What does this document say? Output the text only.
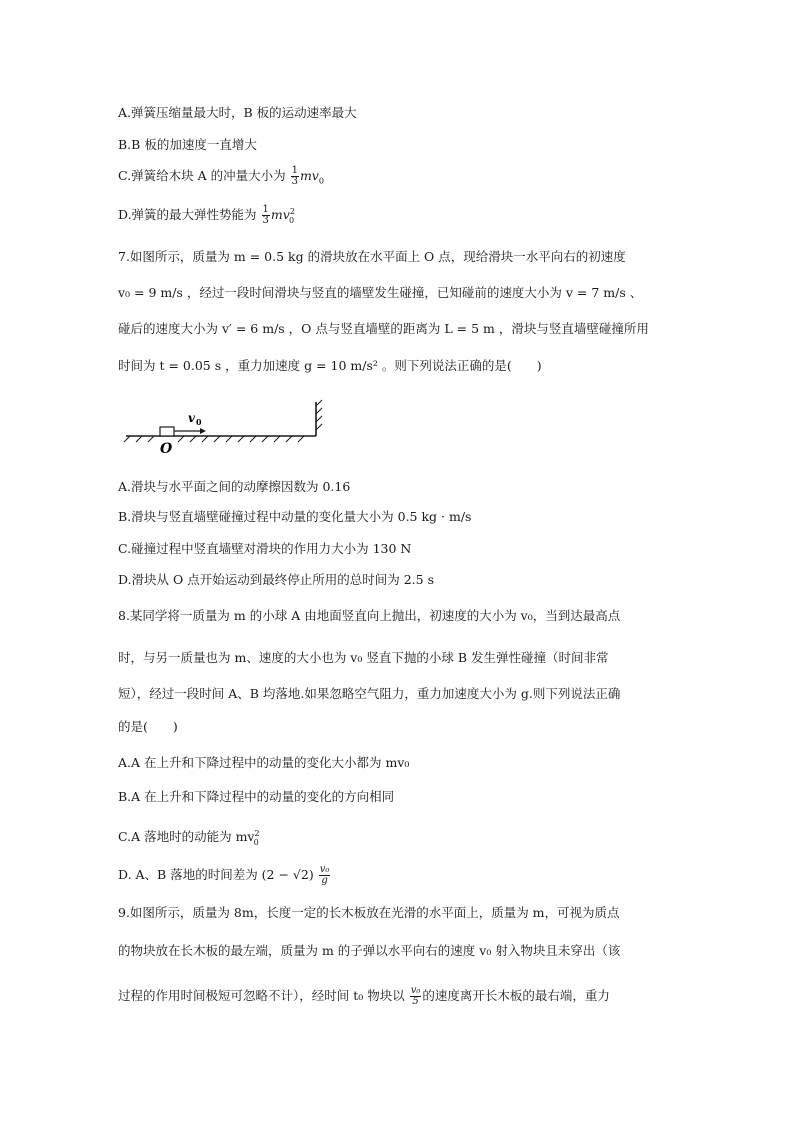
A.弹簧压缩量最大时，B 板的运动速率最大
B.B 板的加速度一直增大
C.弹簧给木块 A 的冲量大小为 $\frac{1}{3} mv_0$
D.弹簧的最大弹性势能为 $\frac{1}{3} mv^2_0$
7.如图所示，质量为 m = 0.5 kg 的滑块放在水平面上 O 点，现给滑块一水平向右的初速度
v₀ = 9 m/s ，经过一段时间滑块与竖直的墙壁发生碰撞，已知碰前的速度大小为 v = 7 m/s 、
碰后的速度大小为 v′ = 6 m/s ，O 点与竖直墙壁的距离为 L = 5 m ，滑块与竖直墙壁碰撞所用
时间为 t = 0.05 s ，重力加速度 g = 10 m/s² 。则下列说法正确的是(　　)
v 0
O
A.滑块与水平面之间的动摩擦因数为 0.16
B.滑块与竖直墙壁碰撞过程中动量的变化量大小为 0.5 kg · m/s
C.碰撞过程中竖直墙壁对滑块的作用力大小为 130 N
D.滑块从 O 点开始运动到最终停止所用的总时间为 2.5 s
8.某同学将一质量为 m 的小球 A 由地面竖直向上抛出，初速度的大小为 v₀，当到达最高点
时，与另一质量也为 m、速度的大小也为 v₀ 竖直下抛的小球 B 发生弹性碰撞（时间非常
短），经过一段时间 A、B 均落地.如果忽略空气阻力，重力加速度大小为 g.则下列说法正确
的是(　　)
A.A 在上升和下降过程中的动量的变化大小都为 mv₀
B.A 在上升和下降过程中的动量的变化的方向相同
C.A 落地时的动能为 $mv^2_0$
D. A、B 落地的时间差为 $(2 - √2) \frac{\text{v₀}}{g}$
9.如图所示，质量为 8m，长度一定的长木板放在光滑的水平面上，质量为 m，可视为质点
的物块放在长木板的最左端，质量为 m 的子弹以水平向右的速度 v₀ 射入物块且未穿出（该
过程的作用时间极短可忽略不计），经时间 t₀ 物块以 $\frac{\text{v₀}}{5}$ 的速度离开长木板的最右端，重力
